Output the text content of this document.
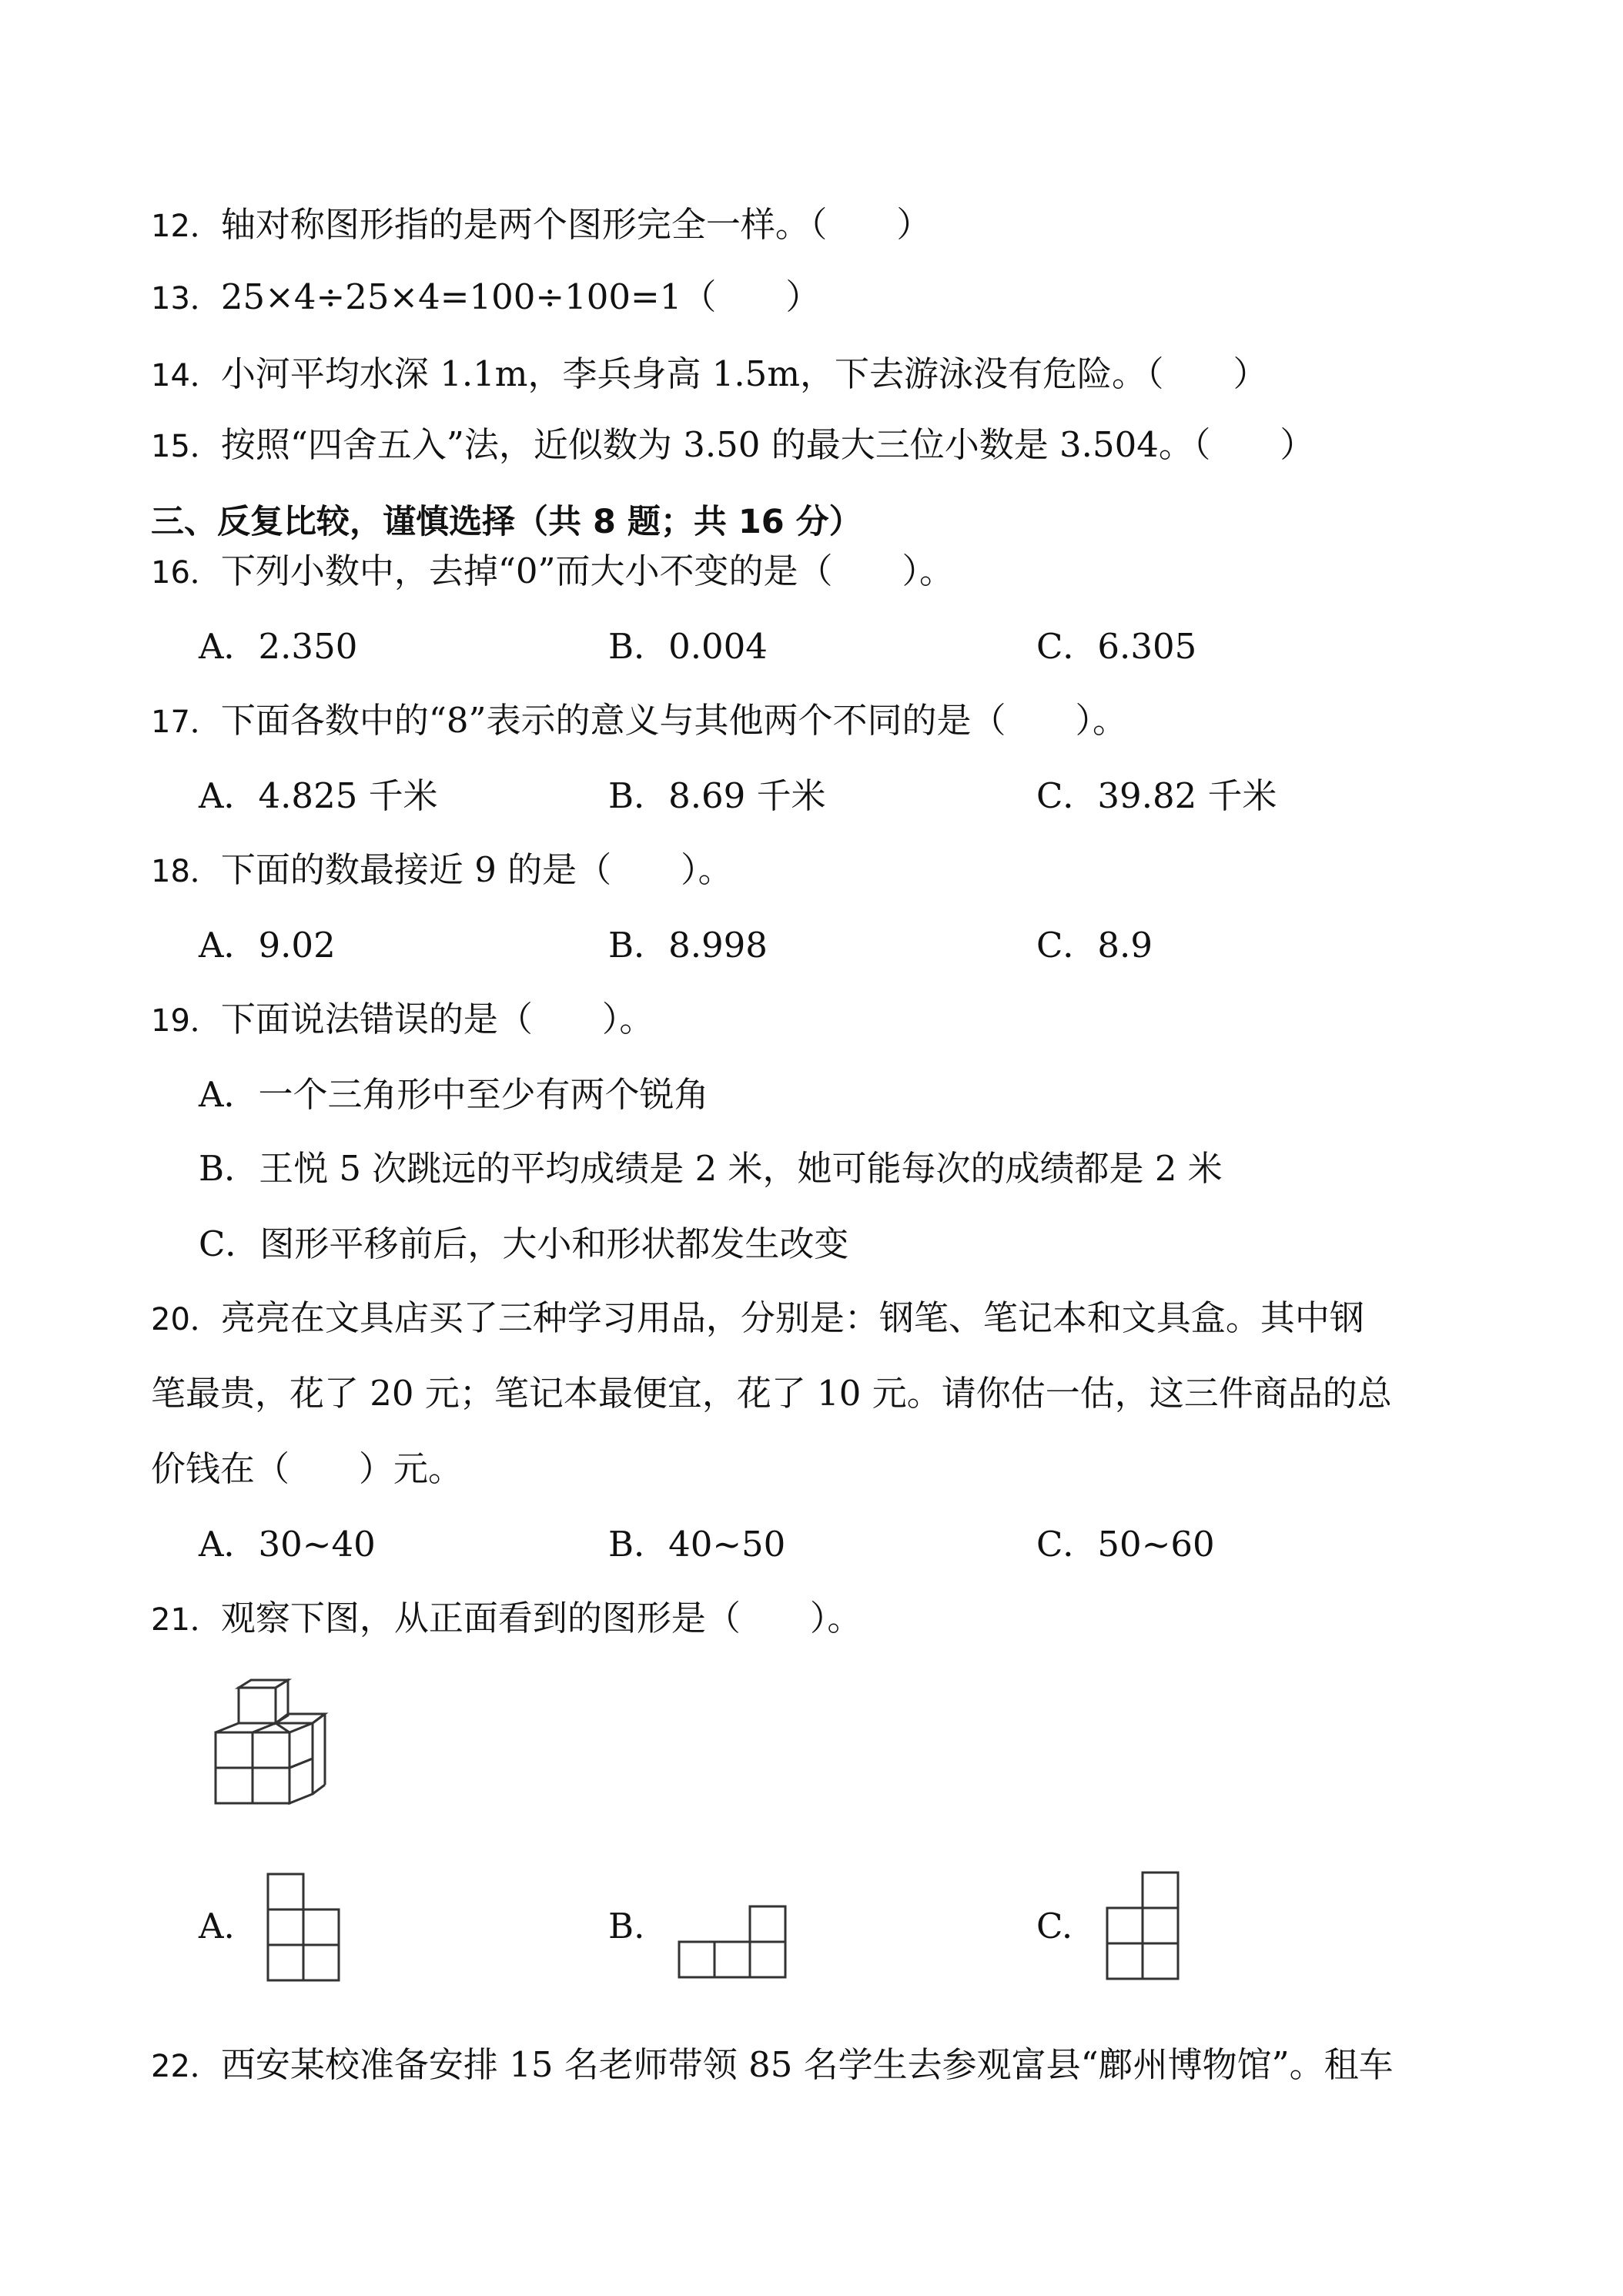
12．轴对称图形指的是两个图形完全一样。（　　）
13．25×4÷25×4=100÷100=1（　　）
14．小河平均水深 1.1m，李兵身高 1.5m，下去游泳没有危险。（　　）
15．按照“四舍五入”法，近似数为 3.50 的最大三位小数是 3.504。（　　）
三、反复比较，谨慎选择（共 8 题；共 16 分）
16．下列小数中，去掉“0”而大小不变的是（　　）。
A．2.350	B．0.004	C．6.305
17．下面各数中的“8”表示的意义与其他两个不同的是（　　）。
A．4.825 千米	B．8.69 千米	C．39.82 千米
18．下面的数最接近 9 的是（　　）。
A．9.02	B．8.998	C．8.9
19．下面说法错误的是（　　）。
A．一个三角形中至少有两个锐角
B．王悦 5 次跳远的平均成绩是 2 米，她可能每次的成绩都是 2 米
C．图形平移前后，大小和形状都发生改变
20．亮亮在文具店买了三种学习用品，分别是：钢笔、笔记本和文具盒。其中钢
笔最贵，花了 20 元；笔记本最便宜，花了 10 元。请你估一估，这三件商品的总
价钱在（　　）元。
A．30~40	B．40~50	C．50~60
21．观察下图，从正面看到的图形是（　　）。
A.	B.	C.
22．西安某校准备安排 15 名老师带领 85 名学生去参观富县“鄜州博物馆”。租车
